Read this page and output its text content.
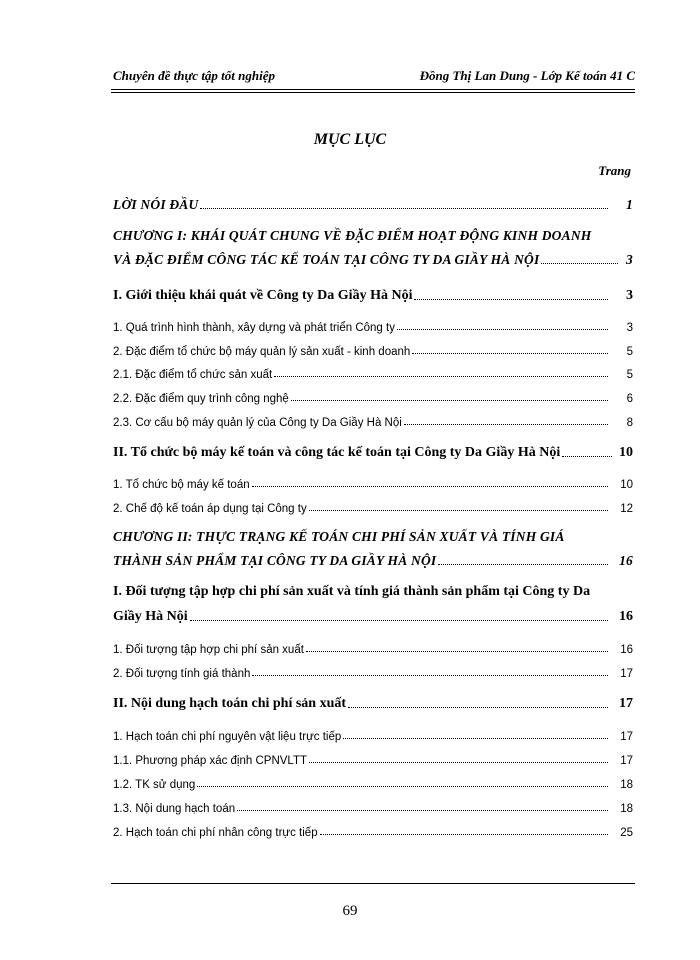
Chuyên đề thực tập tốt nghiệp	Đồng Thị Lan Dung - Lớp Kế toán 41 C
MỤC LỤC
Trang
LỜI NÓI ĐẦU	1
CHƯƠNG I: KHÁI QUÁT CHUNG VỀ ĐẶC ĐIỂM HOẠT ĐỘNG KINH DOANH
VÀ ĐẶC ĐIỂM CÔNG TÁC KẾ TOÁN TẠI CÔNG TY DA GIẦY HÀ NỘI	3
I. Giới thiệu khái quát về Công ty Da Giầy Hà Nội	3
1. Quá trình hình thành, xây dựng và phát triển Công ty	3
2. Đặc điểm tổ chức bộ máy quản lý sản xuất - kinh doanh	5
2.1. Đặc điểm tổ chức sản xuất	5
2.2. Đặc điểm quy trình công nghệ	6
2.3. Cơ cấu bộ máy quản lý của Công ty Da Giầy Hà Nội	8
II. Tổ chức bộ máy kế toán và công tác kế toán tại Công ty Da Giầy Hà Nội	10
1. Tổ chức bộ máy kế toán	10
2. Chế độ kế toán áp dụng tại Công ty	12
CHƯƠNG II: THỰC TRẠNG KẾ TOÁN CHI PHÍ SẢN XUẤT VÀ TÍNH GIÁ
THÀNH SẢN PHẨM TẠI CÔNG TY DA GIẦY HÀ NỘI	16
I. Đối tượng tập hợp chi phí sản xuất và tính giá thành sản phẩm tại Công ty Da
Giầy Hà Nội	16
1. Đối tượng tập hợp chi phí sản xuất	16
2. Đối tượng tính giá thành	17
II. Nội dung hạch toán chi phí sản xuất	17
1. Hạch toán chi phí nguyên vật liệu trực tiếp	17
1.1. Phương pháp xác định CPNVLTT	17
1.2. TK sử dụng	18
1.3. Nội dung hạch toán	18
2. Hạch toán chi phí nhân công trực tiếp	25
69
